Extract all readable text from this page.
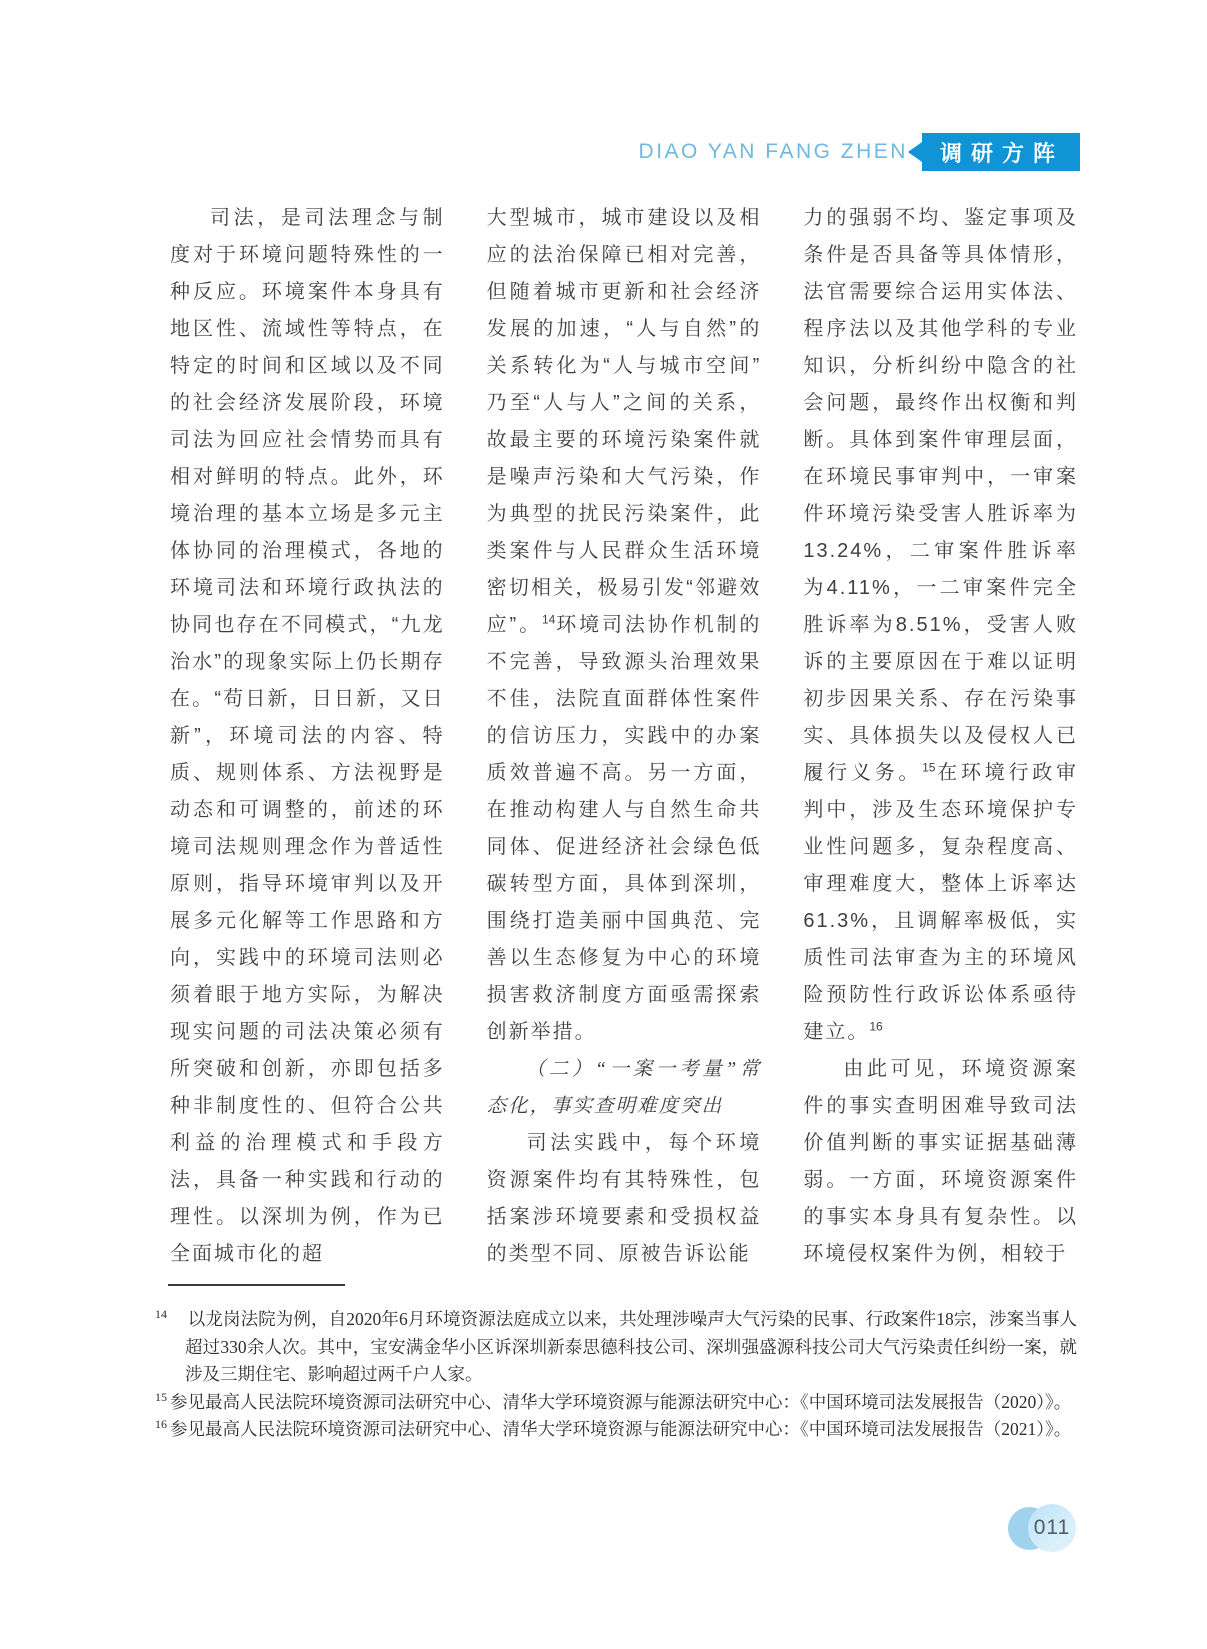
DIAO YAN FANG ZHEN 调研方阵

司法，是司法理念与制度对于环境问题特殊性的一种反应。环境案件本身具有地区性、流域性等特点，在特定的时间和区域以及不同的社会经济发展阶段，环境司法为回应社会情势而具有相对鲜明的特点。此外，环境治理的基本立场是多元主体协同的治理模式，各地的环境司法和环境行政执法的协同也存在不同模式，“九龙治水”的现象实际上仍长期存在。“苟日新，日日新，又日新”，环境司法的内容、特质、规则体系、方法视野是动态和可调整的，前述的环境司法规则理念作为普适性原则，指导环境审判以及开展多元化解等工作思路和方向，实践中的环境司法则必须着眼于地方实际，为解决现实问题的司法决策必须有所突破和创新，亦即包括多种非制度性的、但符合公共利益的治理模式和手段方法，具备一种实践和行动的理性。以深圳为例，作为已全面城市化的超

大型城市，城市建设以及相应的法治保障已相对完善，但随着城市更新和社会经济发展的加速，“人与自然”的关系转化为“人与城市空间”乃至“人与人”之间的关系，故最主要的环境污染案件就是噪声污染和大气污染，作为典型的扰民污染案件，此类案件与人民群众生活环境密切相关，极易引发“邻避效应”。$^{14}$环境司法协作机制的不完善，导致源头治理效果不佳，法院直面群体性案件的信访压力，实践中的办案质效普遍不高。另一方面，在推动构建人与自然生命共同体、促进经济社会绿色低碳转型方面，具体到深圳，围绕打造美丽中国典范、完善以生态修复为中心的环境损害救济制度方面亟需探索创新举措。

（二）“一案一考量”常态化，事实查明难度突出

司法实践中，每个环境资源案件均有其特殊性，包括案涉环境要素和受损权益的类型不同、原被告诉讼能

力的强弱不均、鉴定事项及条件是否具备等具体情形，法官需要综合运用实体法、程序法以及其他学科的专业知识，分析纠纷中隐含的社会问题，最终作出权衡和判断。具体到案件审理层面，在环境民事审判中，一审案件环境污染受害人胜诉率为13.24%，二审案件胜诉率为4.11%，一二审案件完全胜诉率为8.51%，受害人败诉的主要原因在于难以证明初步因果关系、存在污染事实、具体损失以及侵权人已履行义务。$^{15}$在环境行政审判中，涉及生态环境保护专业性问题多，复杂程度高、审理难度大，整体上诉率达61.3%，且调解率极低，实质性司法审查为主的环境风险预防性行政诉讼体系亟待建立。$^{16}$

由此可见，环境资源案件的事实查明困难导致司法价值判断的事实证据基础薄弱。一方面，环境资源案件的事实本身具有复杂性。以环境侵权案件为例，相较于

$^{14}$　以龙岗法院为例，自2020年6月环境资源法庭成立以来，共处理涉噪声大气污染的民事、行政案件18宗，涉案当事人超过330余人次。其中，宝安满金华小区诉深圳新泰思德科技公司、深圳强盛源科技公司大气污染责任纠纷一案，就涉及三期住宅、影响超过两千户人家。

$^{15}$ 参见最高人民法院环境资源司法研究中心、清华大学环境资源与能源法研究中心：《中国环境司法发展报告（2020）》。

$^{16}$ 参见最高人民法院环境资源司法研究中心、清华大学环境资源与能源法研究中心：《中国环境司法发展报告（2021）》。

011
